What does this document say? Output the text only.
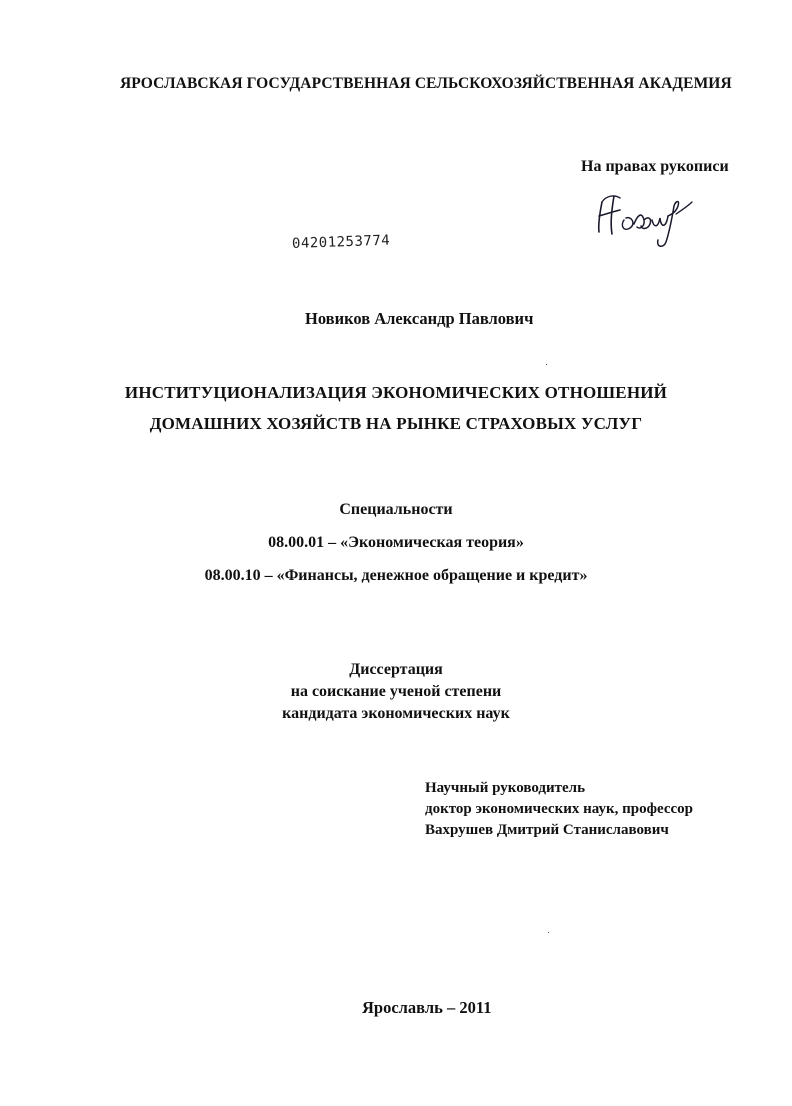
ЯРОСЛАВСКАЯ ГОСУДАРСТВЕННАЯ СЕЛЬСКОХОЗЯЙСТВЕННАЯ АКАДЕМИЯ
На правах рукописи
04201253774
Новиков Александр Павлович
ИНСТИТУЦИОНАЛИЗАЦИЯ ЭКОНОМИЧЕСКИХ ОТНОШЕНИЙ
ДОМАШНИХ ХОЗЯЙСТВ НА РЫНКЕ СТРАХОВЫХ УСЛУГ
Специальности
08.00.01 – «Экономическая теория»
08.00.10 – «Финансы, денежное обращение и кредит»
Диссертация
на соискание ученой степени
кандидата экономических наук
Научный руководитель
доктор экономических наук, профессор
Вахрушев Дмитрий Станиславович
Ярославль – 2011
